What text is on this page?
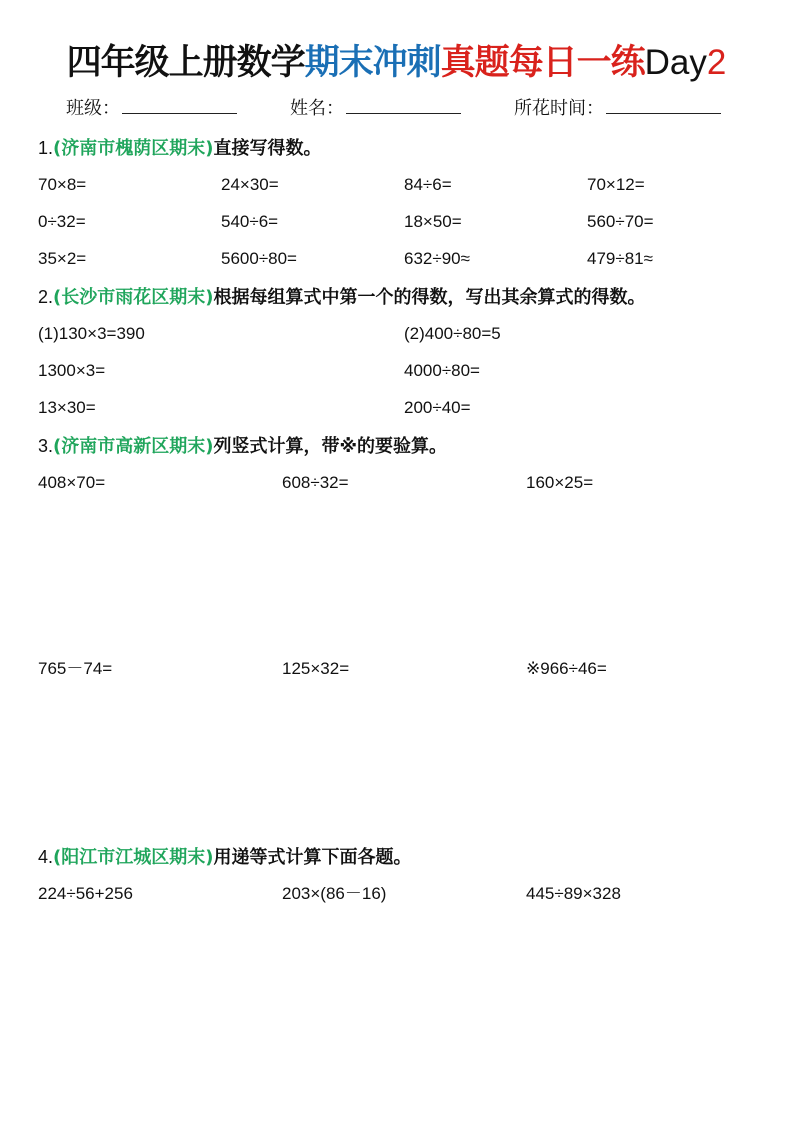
四年级上册数学期末冲刺真题每日一练Day2
班级：	姓名：	所花时间：
1.(济南市槐荫区期末)直接写得数。
70×8=	24×30=	84÷6=	70×12=
0÷32=	540÷6=	18×50=	560÷70=
35×2=	5600÷80=	632÷90≈	479÷81≈
2.(长沙市雨花区期末)根据每组算式中第一个的得数，写出其余算式的得数。
(1)130×3=390	(2)400÷80=5
1300×3=	4000÷80=
13×30=	200÷40=
3.(济南市高新区期末)列竖式计算，带※的要验算。
408×70=	608÷32=	160×25=
765－74=	125×32=	※966÷46=
4.(阳江市江城区期末)用递等式计算下面各题。
224÷56+256	203×(86－16)	445÷89×328
